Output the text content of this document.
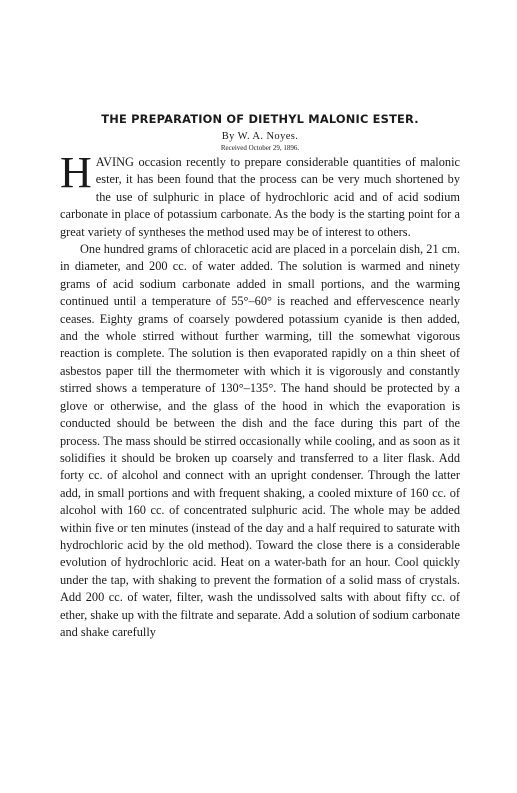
THE PREPARATION OF DIETHYL MALONIC ESTER.
By W. A. Noyes.
Received October 29, 1896.

HAVING occasion recently to prepare considerable quantities of malonic ester, it has been found that the process can be very much shortened by the use of sulphuric in place of hydrochloric acid and of acid sodium carbonate in place of potassium carbonate. As the body is the starting point for a great variety of syntheses the method used may be of interest to others.

One hundred grams of chloracetic acid are placed in a porcelain dish, 21 cm. in diameter, and 200 cc. of water added. The solution is warmed and ninety grams of acid sodium carbonate added in small portions, and the warming continued until a temperature of 55°–60° is reached and effervescence nearly ceases. Eighty grams of coarsely powdered potassium cyanide is then added, and the whole stirred without further warming, till the somewhat vigorous reaction is complete. The solution is then evaporated rapidly on a thin sheet of asbestos paper till the thermometer with which it is vigorously and constantly stirred shows a temperature of 130°–135°. The hand should be protected by a glove or otherwise, and the glass of the hood in which the evaporation is conducted should be between the dish and the face during this part of the process. The mass should be stirred occasionally while cooling, and as soon as it solidifies it should be broken up coarsely and transferred to a liter flask. Add forty cc. of alcohol and connect with an upright condenser. Through the latter add, in small portions and with frequent shaking, a cooled mixture of 160 cc. of alcohol with 160 cc. of concentrated sulphuric acid. The whole may be added within five or ten minutes (instead of the day and a half required to saturate with hydrochloric acid by the old method). Toward the close there is a considerable evolution of hydrochloric acid. Heat on a water-bath for an hour. Cool quickly under the tap, with shaking to prevent the formation of a solid mass of crystals. Add 200 cc. of water, filter, wash the undissolved salts with about fifty cc. of ether, shake up with the filtrate and separate. Add a solution of sodium carbonate and shake carefully
